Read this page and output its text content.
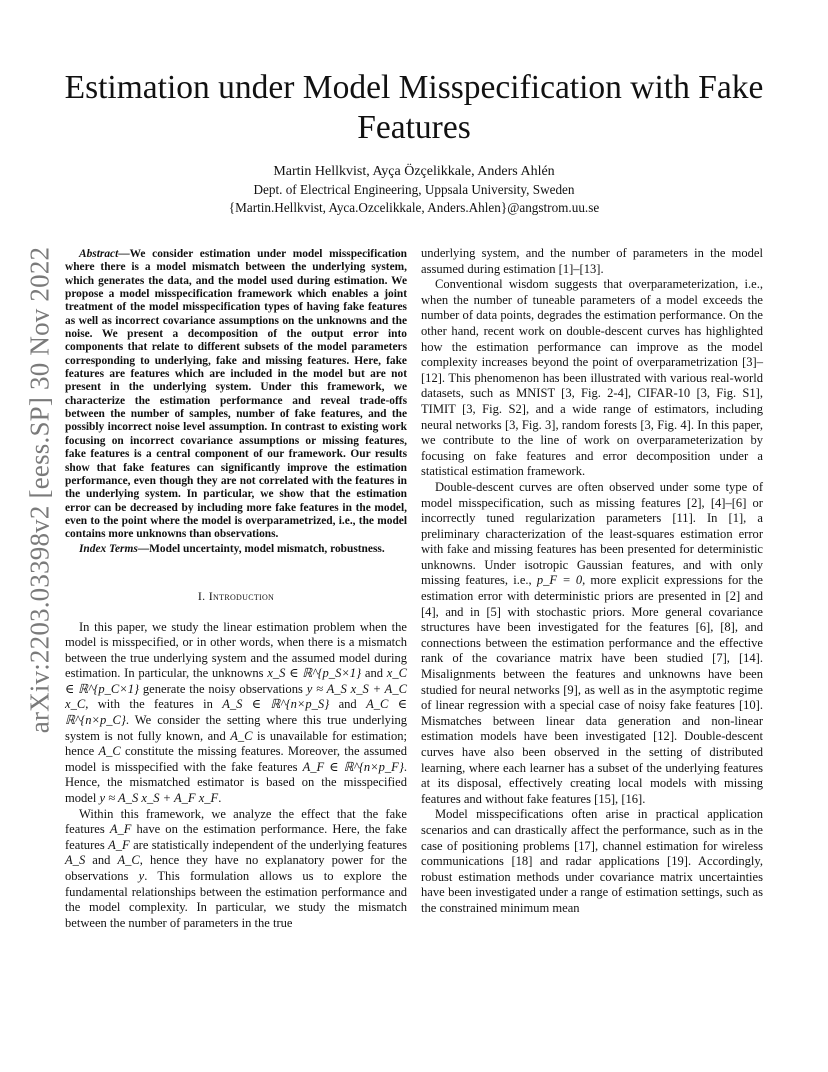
arXiv:2203.03398v2 [eess.SP] 30 Nov 2022
Estimation under Model Misspecification with Fake Features
Martin Hellkvist, Ayça Özçelikkale, Anders Ahlén
Dept. of Electrical Engineering, Uppsala University, Sweden
{Martin.Hellkvist, Ayca.Ozcelikkale, Anders.Ahlen}@angstrom.uu.se

Abstract—We consider estimation under model misspecification where there is a model mismatch between the underlying system, which generates the data, and the model used during estimation. We propose a model misspecification framework which enables a joint treatment of the model misspecification types of having fake features as well as incorrect covariance assumptions on the unknowns and the noise. We present a decomposition of the output error into components that relate to different subsets of the model parameters corresponding to underlying, fake and missing features. Here, fake features are features which are included in the model but are not present in the underlying system. Under this framework, we characterize the estimation performance and reveal trade-offs between the number of samples, number of fake features, and the possibly incorrect noise level assumption. In contrast to existing work focusing on incorrect covariance assumptions or missing features, fake features is a central component of our framework. Our results show that fake features can significantly improve the estimation performance, even though they are not correlated with the features in the underlying system. In particular, we show that the estimation error can be decreased by including more fake features in the model, even to the point where the model is overparametrized, i.e., the model contains more unknowns than observations.

Index Terms—Model uncertainty, model mismatch, robustness.

I. Introduction

In this paper, we study the linear estimation problem when the model is misspecified, or in other words, when there is a mismatch between the true underlying system and the assumed model during estimation. In particular, the unknowns x_S ∈ ℝ^{p_S×1} and x_C ∈ ℝ^{p_C×1} generate the noisy observations y ≈ A_S x_S + A_C x_C, with the features in A_S ∈ ℝ^{n×p_S} and A_C ∈ ℝ^{n×p_C}. We consider the setting where this true underlying system is not fully known, and A_C is unavailable for estimation; hence A_C constitute the missing features. Moreover, the assumed model is misspecified with the fake features A_F ∈ ℝ^{n×p_F}. Hence, the mismatched estimator is based on the misspecified model y ≈ A_S x_S + A_F x_F.

Within this framework, we analyze the effect that the fake features A_F have on the estimation performance. Here, the fake features A_F are statistically independent of the underlying features A_S and A_C, hence they have no explanatory power for the observations y. This formulation allows us to explore the fundamental relationships between the estimation performance and the model complexity. In particular, we study the mismatch between the number of parameters in the true

underlying system, and the number of parameters in the model assumed during estimation [1]–[13].

Conventional wisdom suggests that overparameterization, i.e., when the number of tuneable parameters of a model exceeds the number of data points, degrades the estimation performance. On the other hand, recent work on double-descent curves has highlighted how the estimation performance can improve as the model complexity increases beyond the point of overparametrization [3]–[12]. This phenomenon has been illustrated with various real-world datasets, such as MNIST [3, Fig. 2-4], CIFAR-10 [3, Fig. S1], TIMIT [3, Fig. S2], and a wide range of estimators, including neural networks [3, Fig. 3], random forests [3, Fig. 4]. In this paper, we contribute to the line of work on overparameterization by focusing on fake features and error decomposition under a statistical estimation framework.

Double-descent curves are often observed under some type of model misspecification, such as missing features [2], [4]–[6] or incorrectly tuned regularization parameters [11]. In [1], a preliminary characterization of the least-squares estimation error with fake and missing features has been presented for deterministic unknowns. Under isotropic Gaussian features, and with only missing features, i.e., p_F = 0, more explicit expressions for the estimation error with deterministic priors are presented in [2] and [4], and in [5] with stochastic priors. More general covariance structures have been investigated for the features [6], [8], and connections between the estimation performance and the effective rank of the covariance matrix have been studied [7], [14]. Misalignments between the features and unknowns have been studied for neural networks [9], as well as in the asymptotic regime of linear regression with a special case of noisy fake features [10]. Mismatches between linear data generation and non-linear estimation models have been investigated [12]. Double-descent curves have also been observed in the setting of distributed learning, where each learner has a subset of the underlying features at its disposal, effectively creating local models with missing features and without fake features [15], [16].

Model misspecifications often arise in practical application scenarios and can drastically affect the performance, such as in the case of positioning problems [17], channel estimation for wireless communications [18] and radar applications [19]. Accordingly, robust estimation methods under covariance matrix uncertainties have been investigated under a range of estimation settings, such as the constrained minimum mean
